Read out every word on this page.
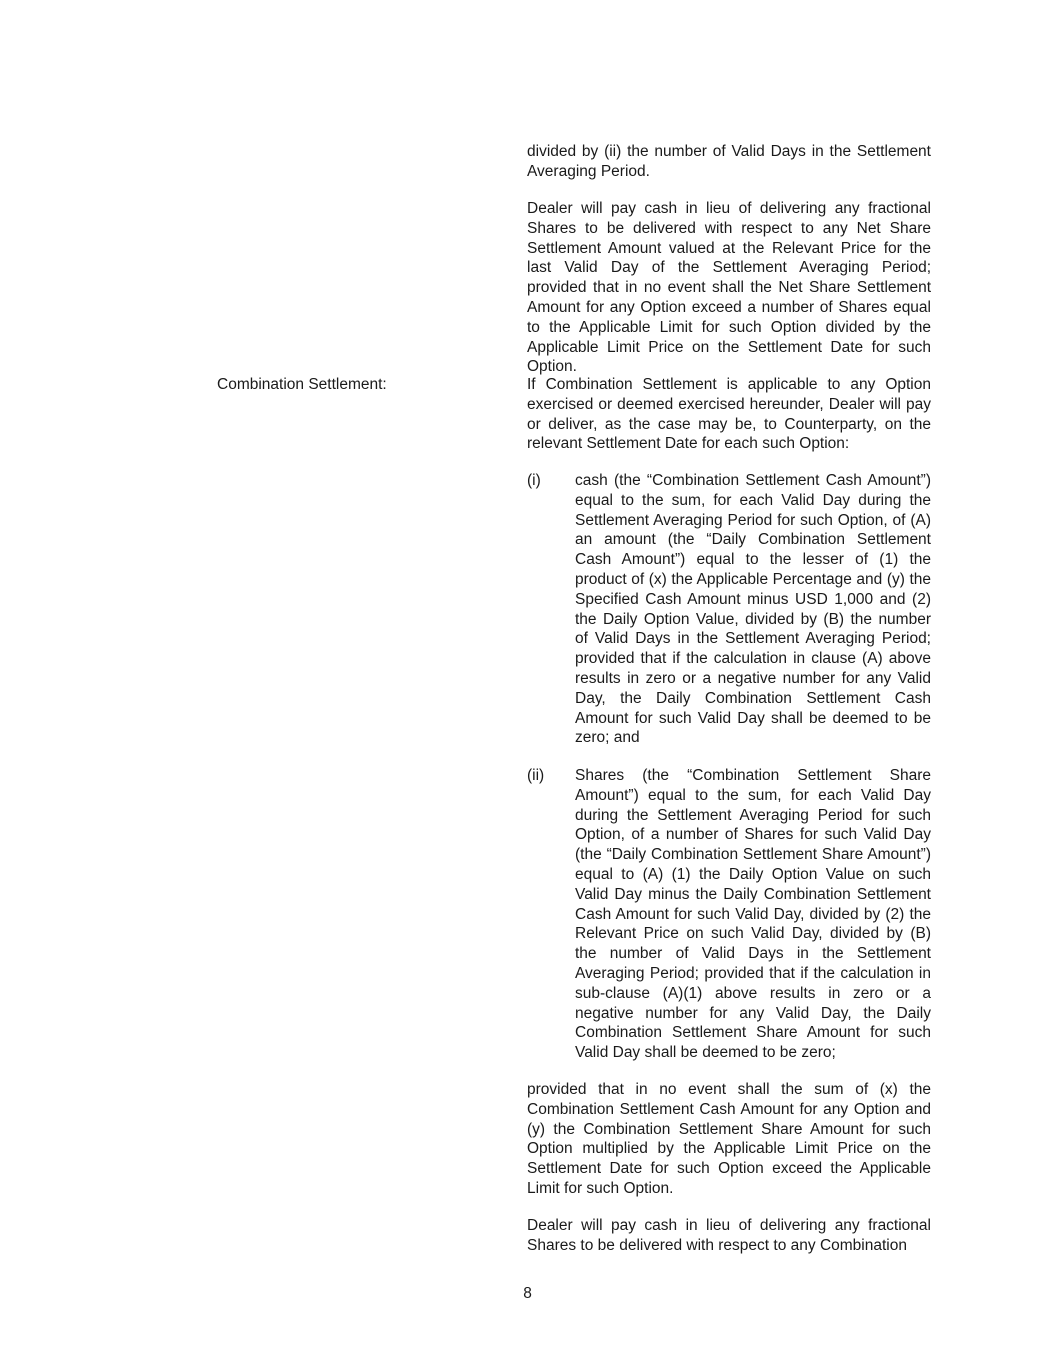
divided by (ii) the number of Valid Days in the Settlement Averaging Period.

Dealer will pay cash in lieu of delivering any fractional Shares to be delivered with respect to any Net Share Settlement Amount valued at the Relevant Price for the last Valid Day of the Settlement Averaging Period; provided that in no event shall the Net Share Settlement Amount for any Option exceed a number of Shares equal to the Applicable Limit for such Option divided by the Applicable Limit Price on the Settlement Date for such Option.

Combination Settlement:	If Combination Settlement is applicable to any Option exercised or deemed exercised hereunder, Dealer will pay or deliver, as the case may be, to Counterparty, on the relevant Settlement Date for each such Option:

(i) cash (the “Combination Settlement Cash Amount”) equal to the sum, for each Valid Day during the Settlement Averaging Period for such Option, of (A) an amount (the “Daily Combination Settlement Cash Amount”) equal to the lesser of (1) the product of (x) the Applicable Percentage and (y) the Specified Cash Amount minus USD 1,000 and (2) the Daily Option Value, divided by (B) the number of Valid Days in the Settlement Averaging Period; provided that if the calculation in clause (A) above results in zero or a negative number for any Valid Day, the Daily Combination Settlement Cash Amount for such Valid Day shall be deemed to be zero; and
(ii) Shares (the “Combination Settlement Share Amount”) equal to the sum, for each Valid Day during the Settlement Averaging Period for such Option, of a number of Shares for such Valid Day (the “Daily Combination Settlement Share Amount”) equal to (A) (1) the Daily Option Value on such Valid Day minus the Daily Combination Settlement Cash Amount for such Valid Day, divided by (2) the Relevant Price on such Valid Day, divided by (B) the number of Valid Days in the Settlement Averaging Period; provided that if the calculation in sub-clause (A)(1) above results in zero or a negative number for any Valid Day, the Daily Combination Settlement Share Amount for such Valid Day shall be deemed to be zero;

provided that in no event shall the sum of (x) the Combination Settlement Cash Amount for any Option and (y) the Combination Settlement Share Amount for such Option multiplied by the Applicable Limit Price on the Settlement Date for such Option exceed the Applicable Limit for such Option.

Dealer will pay cash in lieu of delivering any fractional Shares to be delivered with respect to any Combination

8
